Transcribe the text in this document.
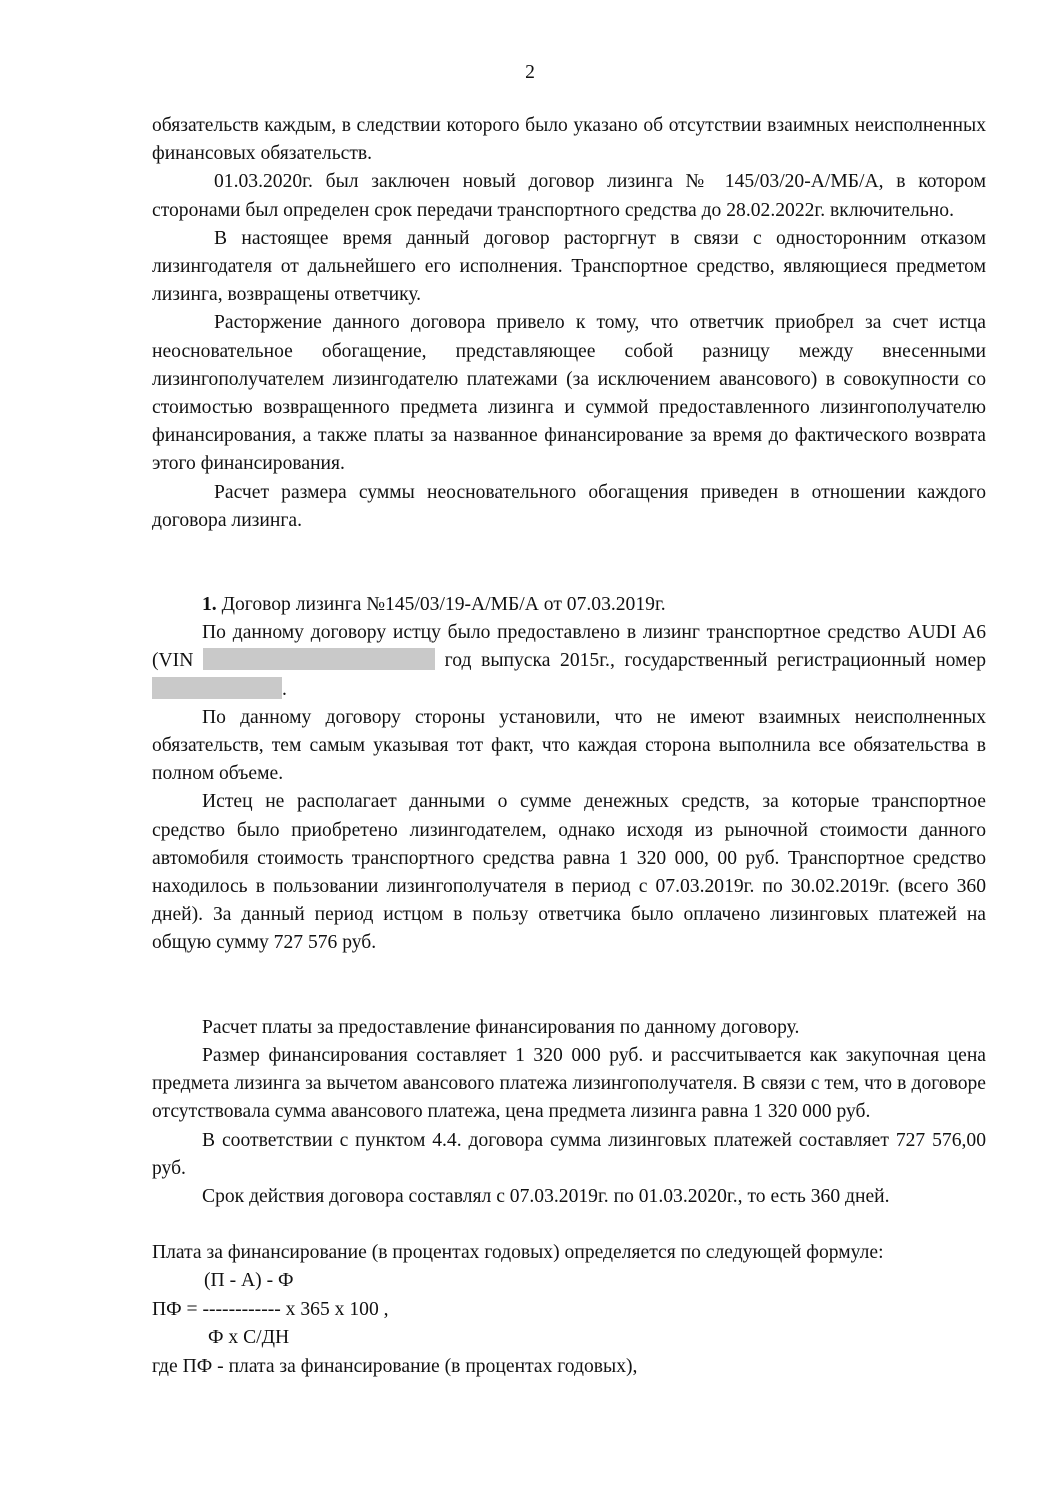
2

обязательств каждым, в следствии которого было указано об отсутствии взаимных неисполненных финансовых обязательств.

01.03.2020г. был заключен новый договор лизинга № 145/03/20-А/МБ/А, в котором сторонами был определен срок передачи транспортного средства до 28.02.2022г. включительно.

В настоящее время данный договор расторгнут в связи с односторонним отказом лизингодателя от дальнейшего его исполнения. Транспортное средство, являющиеся предметом лизинга, возвращены ответчику.

Расторжение данного договора привело к тому, что ответчик приобрел за счет истца неосновательное обогащение, представляющее собой разницу между внесенными лизингополучателем лизингодателю платежами (за исключением авансового) в совокупности со стоимостью возвращенного предмета лизинга и суммой предоставленного лизингополучателю финансирования, а также платы за названное финансирование за время до фактического возврата этого финансирования.

Расчет размера суммы неосновательного обогащения приведен в отношении каждого договора лизинга.

1. Договор лизинга №145/03/19-А/МБ/А от 07.03.2019г.

По данному договору истцу было предоставлено в лизинг транспортное средство AUDI A6 (VIN	год выпуска 2015г., государственный регистрационный номер .

По данному договору стороны установили, что не имеют взаимных неисполненных обязательств, тем самым указывая тот факт, что каждая сторона выполнила все обязательства в полном объеме.

Истец не располагает данными о сумме денежных средств, за которые транспортное средство было приобретено лизингодателем, однако исходя из рыночной стоимости данного автомобиля стоимость транспортного средства равна 1 320 000, 00 руб. Транспортное средство находилось в пользовании лизингополучателя в период с 07.03.2019г. по 30.02.2019г. (всего 360 дней). За данный период истцом в пользу ответчика было оплачено лизинговых платежей на общую сумму 727 576 руб.

Расчет платы за предоставление финансирования по данному договору.

Размер финансирования составляет 1 320 000 руб. и рассчитывается как закупочная цена предмета лизинга за вычетом авансового платежа лизингополучателя. В связи с тем, что в договоре отсутствовала сумма авансового платежа, цена предмета лизинга равна 1 320 000 руб.

В соответствии с пунктом 4.4. договора сумма лизинговых платежей составляет 727 576,00 руб.

Срок действия договора составлял с 07.03.2019г. по 01.03.2020г., то есть 360 дней.

Плата за финансирование (в процентах годовых) определяется по следующей формуле:

(П - А) - Ф
ПФ = ------------ x 365 x 100 ,
Ф x С/ДН

где ПФ - плата за финансирование (в процентах годовых),
